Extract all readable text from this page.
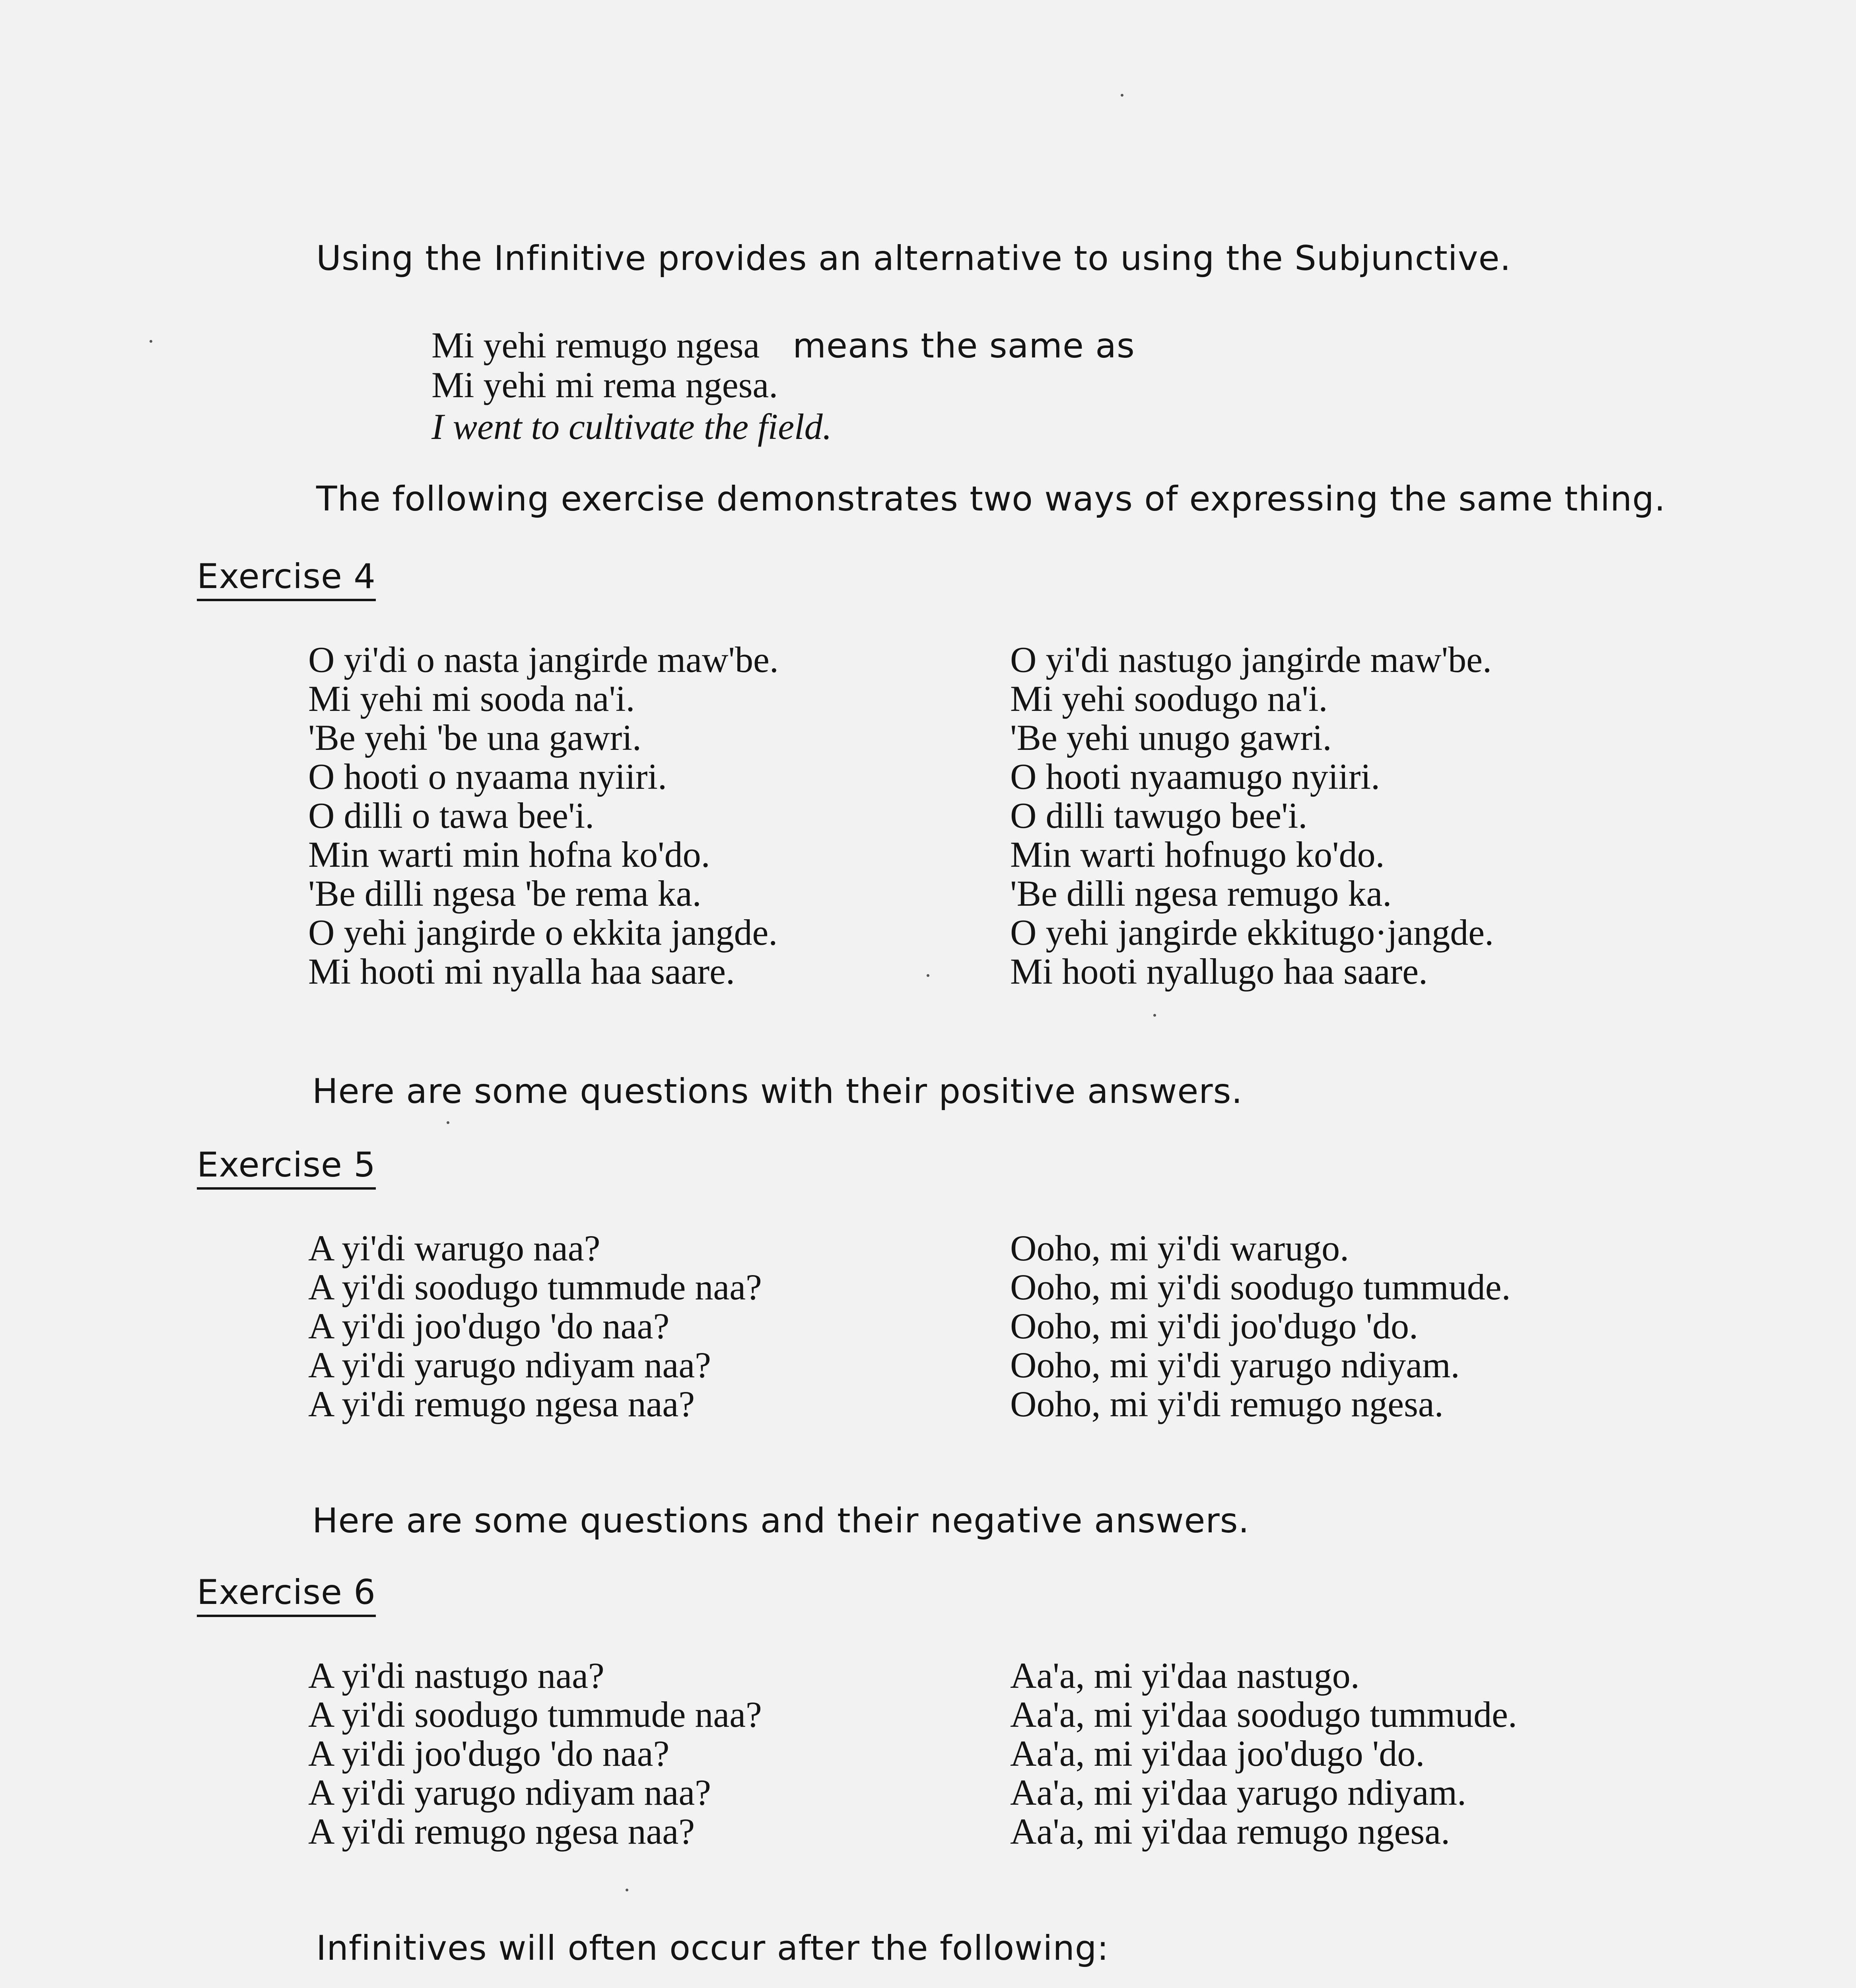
Using the Infinitive provides an alternative to using the Subjunctive.
Mi yehi remugo ngesa means the same as
Mi yehi mi rema ngesa.
I went to cultivate the field.
The following exercise demonstrates two ways of expressing the same thing.
Exercise 4
O yi'di o nasta jangirde maw'be.
Mi yehi mi sooda na'i.
'Be yehi 'be una gawri.
O hooti o nyaama nyiiri.
O dilli o tawa bee'i.
Min warti min hofna ko'do.
'Be dilli ngesa 'be rema ka.
O yehi jangirde o ekkita jangde.
Mi hooti mi nyalla haa saare.
O yi'di nastugo jangirde maw'be.
Mi yehi soodugo na'i.
'Be yehi unugo gawri.
O hooti nyaamugo nyiiri.
O dilli tawugo bee'i.
Min warti hofnugo ko'do.
'Be dilli ngesa remugo ka.
O yehi jangirde ekkitugo·jangde.
Mi hooti nyallugo haa saare.
Here are some questions with their positive answers.
Exercise 5
A yi'di warugo naa?
A yi'di soodugo tummude naa?
A yi'di joo'dugo 'do naa?
A yi'di yarugo ndiyam naa?
A yi'di remugo ngesa naa?
Ooho, mi yi'di warugo.
Ooho, mi yi'di soodugo tummude.
Ooho, mi yi'di joo'dugo 'do.
Ooho, mi yi'di yarugo ndiyam.
Ooho, mi yi'di remugo ngesa.
Here are some questions and their negative answers.
Exercise 6
A yi'di nastugo naa?
A yi'di soodugo tummude naa?
A yi'di joo'dugo 'do naa?
A yi'di yarugo ndiyam naa?
A yi'di remugo ngesa naa?
Aa'a, mi yi'daa nastugo.
Aa'a, mi yi'daa soodugo tummude.
Aa'a, mi yi'daa joo'dugo 'do.
Aa'a, mi yi'daa yarugo ndiyam.
Aa'a, mi yi'daa remugo ngesa.
Infinitives will often occur after the following:
